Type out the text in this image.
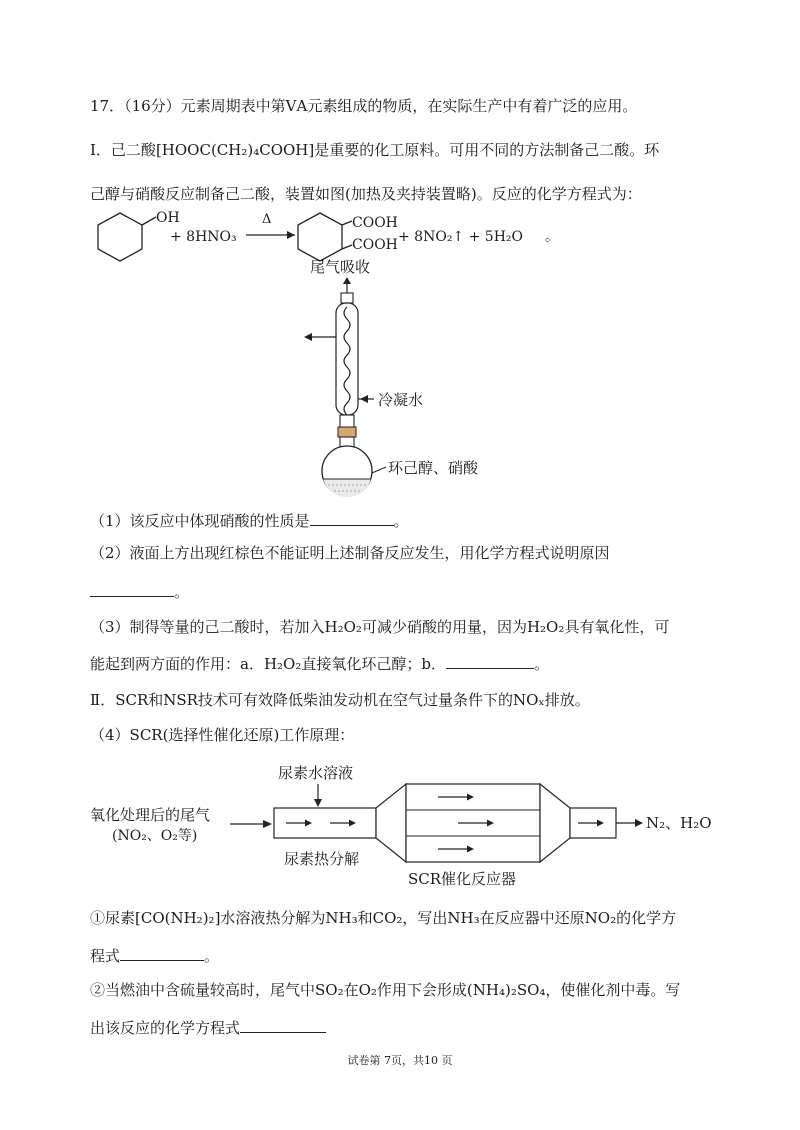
17．（16分）元素周期表中第ⅤA元素组成的物质，在实际生产中有着广泛的应用。
Ⅰ．己二酸[HOOC(CH₂)₄COOH]是重要的化工原料。可用不同的方法制备己二酸。环
己醇与硝酸反应制备己二酸，装置如图(加热及夹持装置略)。反应的化学方程式为：
OH
+ 8HNO₃
Δ	COOH
COOH + 8NO₂↑ + 5H₂O 。
尾气吸收
冷凝水
环己醇、硝酸
（1）该反应中体现硝酸的性质是	。
（2）液面上方出现红棕色不能证明上述制备反应发生，用化学方程式说明原因
。
（3）制得等量的己二酸时，若加入H₂O₂可减少硝酸的用量，因为H₂O₂具有氧化性，可
能起到两方面的作用：a．H₂O₂直接氧化环己醇；b．	。
Ⅱ．SCR和NSR技术可有效降低柴油发动机在空气过量条件下的NOₓ排放。
（4）SCR(选择性催化还原)工作原理：
氧化处理后的尾气
(NO₂、O₂等)
尿素水溶液
尿素热分解
N₂、H₂O
SCR催化反应器
①尿素[CO(NH₂)₂]水溶液热分解为NH₃和CO₂，写出NH₃在反应器中还原NO₂的化学方
程式	。
②当燃油中含硫量较高时，尾气中SO₂在O₂作用下会形成(NH₄)₂SO₄，使催化剂中毒。写
出该反应的化学方程式
试卷第 7页，共10 页
